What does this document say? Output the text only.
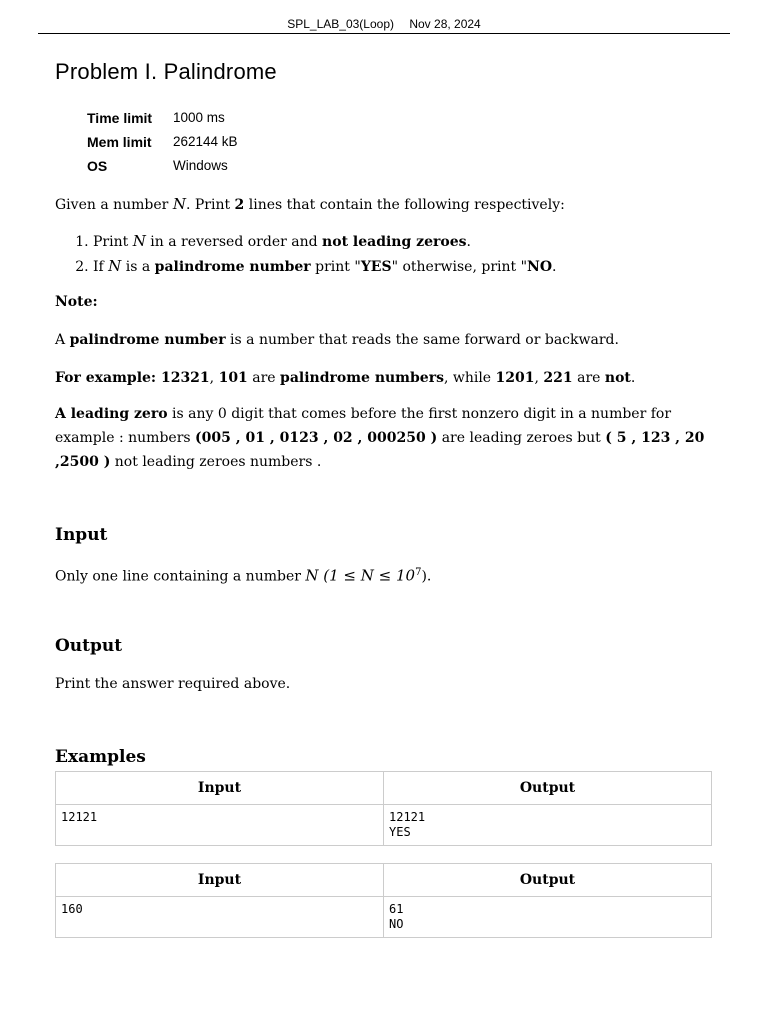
SPL_LAB_03(Loop) Nov 28, 2024
Problem I. Palindrome
Time limit	1000 ms
Mem limit	262144 kB
OS	Windows

Given a number N. Print 2 lines that contain the following respectively:

1. Print N in a reversed order and not leading zeroes.
2. If N is a palindrome number print "YES" otherwise, print "NO.

Note:

A palindrome number is a number that reads the same forward or backward.

For example: 12321, 101 are palindrome numbers, while 1201, 221 are not.

A leading zero is any 0 digit that comes before the first nonzero digit in a number for example : numbers (005 , 01 , 0123 , 02 , 000250 ) are leading zeroes but ( 5 , 123 , 20 ,2500 ) not leading zeroes numbers .

Input

Only one line containing a number N $(1 \le N \le 10^7)$.

Output

Print the answer required above.

Examples
Input	Output
12121	12121
YES
Input	Output
160	61
NO
